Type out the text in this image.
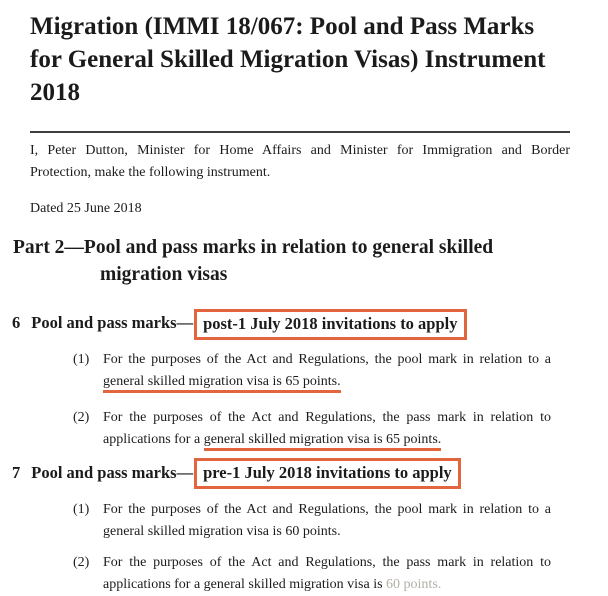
Migration (IMMI 18/067: Pool and Pass Marks
for General Skilled Migration Visas) Instrument
2018

I, Peter Dutton, Minister for Home Affairs and Minister for Immigration and Border
Protection, make the following instrument.

Dated 25 June 2018

Part 2—Pool and pass marks in relation to general skilled
migration visas
6 Pool and pass marks— post-1 July 2018 invitations to apply
(1) For the purposes of the Act and Regulations, the pool mark in relation to a
general skilled migration visa is 65 points.
(2) For the purposes of the Act and Regulations, the pass mark in relation to
applications for a general skilled migration visa is 65 points.
7 Pool and pass marks— pre-1 July 2018 invitations to apply
(1) For the purposes of the Act and Regulations, the pool mark in relation to a
general skilled migration visa is 60 points.
(2) For the purposes of the Act and Regulations, the pass mark in relation to
applications for a general skilled migration visa is 60 points.
